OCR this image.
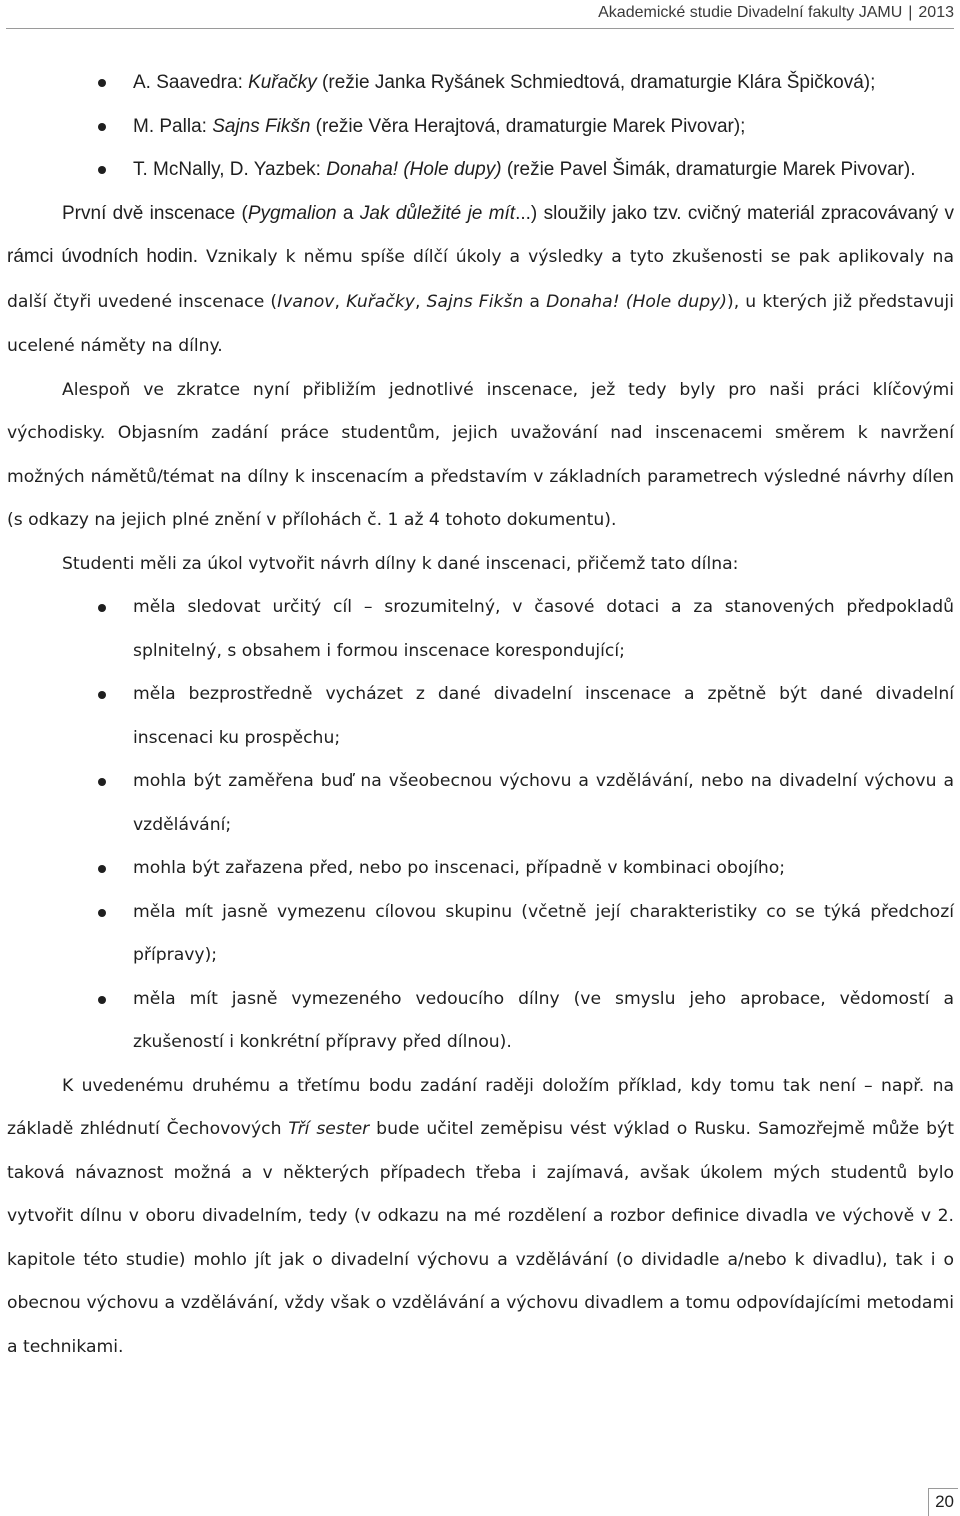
Akademické studie Divadelní fakulty JAMU | 2013
A. Saavedra: Kuřačky (režie Janka Ryšánek Schmiedtová, dramaturgie Klára Špičková);
M. Palla: Sajns Fikšn (režie Věra Herajtová, dramaturgie Marek Pivovar);
T. McNally, D. Yazbek: Donaha! (Hole dupy) (režie Pavel Šimák, dramaturgie Marek Pivovar).

První dvě inscenace (Pygmalion a Jak důležité je mít...) sloužily jako tzv. cvičný materiál zpracovávaný v rámci úvodních hodin. Vznikaly k němu spíše dílčí úkoly a výsledky a tyto zkušenosti se pak aplikovaly na další čtyři uvedené inscenace (Ivanov, Kuřačky, Sajns Fikšn a Donaha! (Hole dupy)), u kterých již představuji ucelené náměty na dílny.

Alespoň ve zkratce nyní přibližím jednotlivé inscenace, jež tedy byly pro naši práci klíčovými východisky. Objasním zadání práce studentům, jejich uvažování nad inscenacemi směrem k navržení možných námětů/témat na dílny k inscenacím a představím v základních parametrech výsledné návrhy dílen (s odkazy na jejich plné znění v přílohách č. 1 až 4 tohoto dokumentu).

Studenti měli za úkol vytvořit návrh dílny k dané inscenaci, přičemž tato dílna:

měla sledovat určitý cíl – srozumitelný, v časové dotaci a za stanovených předpokladů splnitelný, s obsahem i formou inscenace korespondující;
měla bezprostředně vycházet z dané divadelní inscenace a zpětně být dané divadelní inscenaci ku prospěchu;
mohla být zaměřena buď na všeobecnou výchovu a vzdělávání, nebo na divadelní výchovu a vzdělávání;
mohla být zařazena před, nebo po inscenaci, případně v kombinaci obojího;
měla mít jasně vymezenu cílovou skupinu (včetně její charakteristiky co se týká předchozí přípravy);
měla mít jasně vymezeného vedoucího dílny (ve smyslu jeho aprobace, vědomostí a zkušeností i konkrétní přípravy před dílnou).

K uvedenému druhému a třetímu bodu zadání raději doložím příklad, kdy tomu tak není – např. na základě zhlédnutí Čechovových Tří sester bude učitel zeměpisu vést výklad o Rusku. Samozřejmě může být taková návaznost možná a v některých případech třeba i zajímavá, avšak úkolem mých studentů bylo vytvořit dílnu v oboru divadelním, tedy (v odkazu na mé rozdělení a rozbor definice divadla ve výchově v 2. kapitole této studie) mohlo jít jak o divadelní výchovu a vzdělávání (o dividadle a/nebo k divadlu), tak i o obecnou výchovu a vzdělávání, vždy však o vzdělávání a výchovu divadlem a tomu odpovídajícími metodami a technikami.

20
